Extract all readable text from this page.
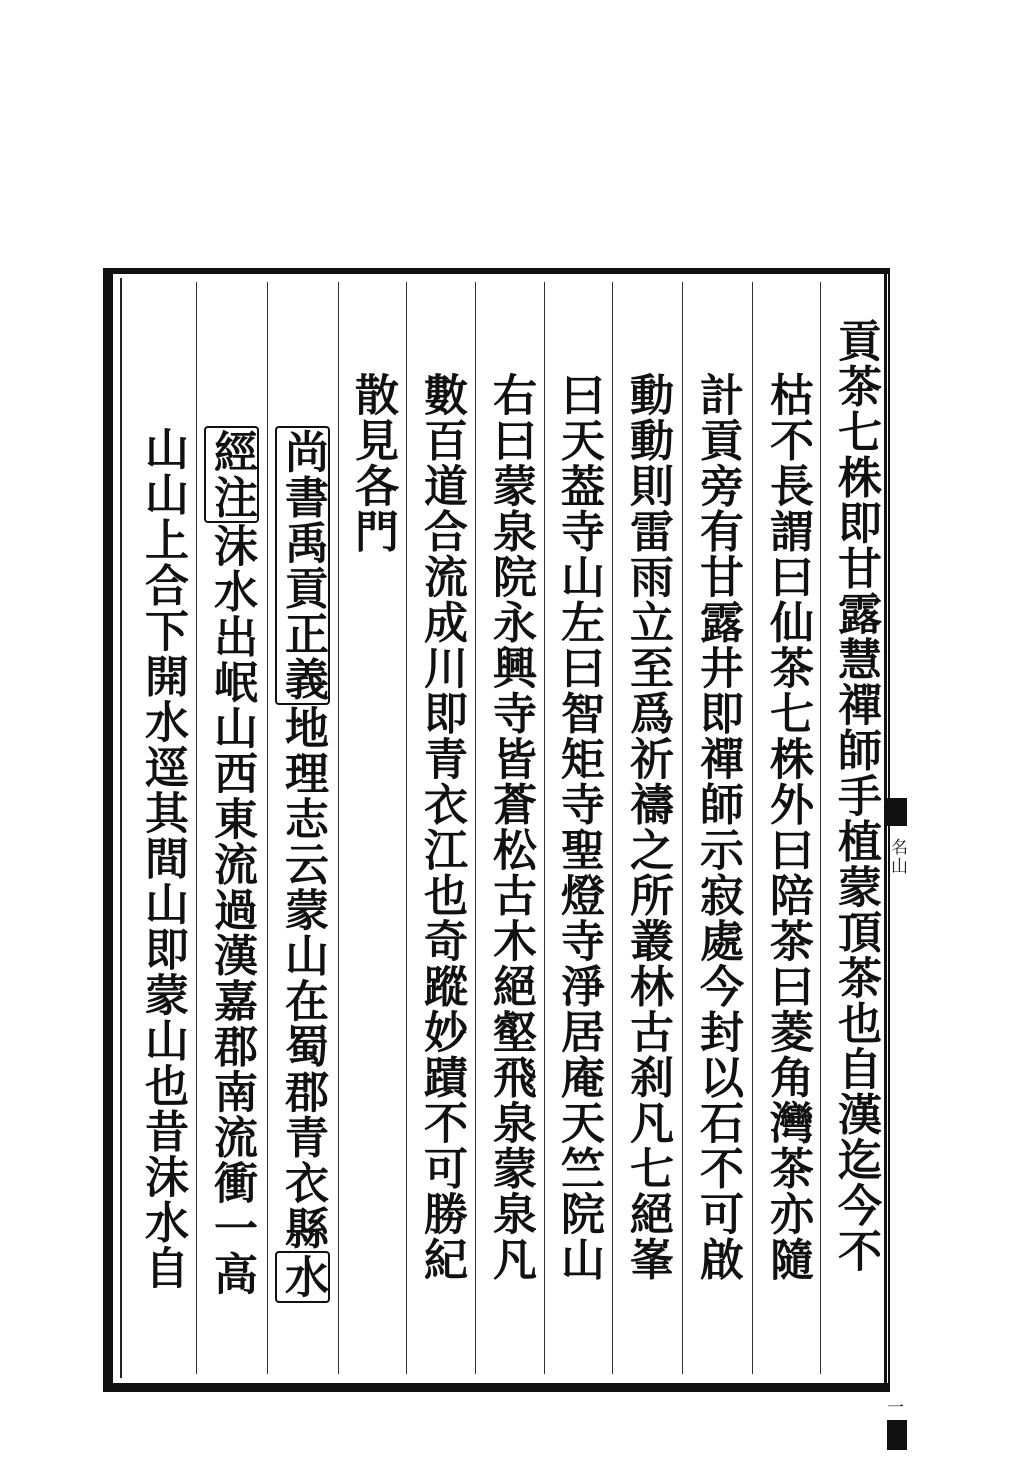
名山
一
貢茶七株即甘露慧禪師手植蒙頂茶也自漢迄今不
枯不長謂曰仙茶七株外曰陪茶曰菱角灣茶亦隨
計貢旁有甘露井即禪師示寂處今封以石不可啟
動動則雷雨立至爲祈禱之所叢林古刹凡七絕峯
曰天葢寺山左曰智矩寺聖燈寺淨居庵天竺院山
右曰蒙泉院永興寺皆蒼松古木絕壑飛泉蒙泉凡
數百道合流成川即青衣江也奇蹤妙蹟不可勝紀
散見各門
尚書禹貢正義地理志云蒙山在蜀郡青衣縣水
經注沫水出岷山西東流過漢嘉郡南流衝一高
山山上合下開水逕其間山即蒙山也昔沫水自
